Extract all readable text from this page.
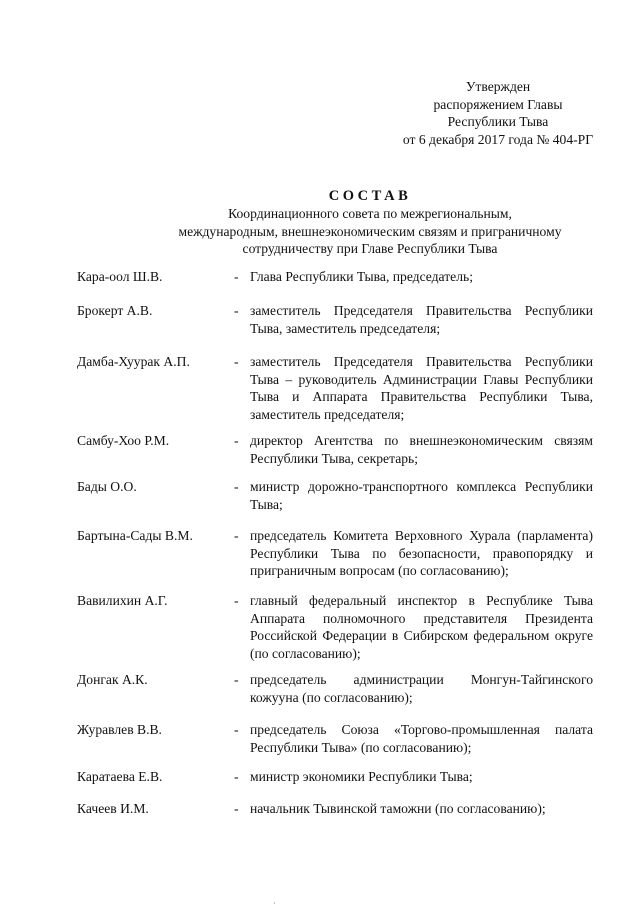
Утвержден
распоряжением Главы
Республики Тыва
от 6 декабря 2017 года № 404-РГ
СОСТАВ
Координационного совета по межрегиональным,
международным, внешнеэкономическим связям и приграничному
сотрудничеству при Главе Республики Тыва
Кара-оол Ш.В.	- Глава Республики Тыва, председатель;
Брокерт А.В.	- заместитель Председателя Правительства Республики Тыва, заместитель председателя;
Дамба-Хуурак А.П.	- заместитель Председателя Правительства Республики Тыва – руководитель Администрации Главы Республики Тыва и Аппарата Правительства Республики Тыва, заместитель председателя;
Самбу-Хоо Р.М.	- директор Агентства по внешнеэкономическим связям Республики Тыва, секретарь;
Бады О.О.	- министр дорожно-транспортного комплекса Республики Тыва;
Бартына-Сады В.М.	- председатель Комитета Верховного Хурала (парламента) Республики Тыва по безопасности, правопорядку и приграничным вопросам (по согласованию);
Вавилихин А.Г.	- главный федеральный инспектор в Республике Тыва Аппарата полномочного представителя Президента Российской Федерации в Сибирском федеральном округе (по согласованию);
Донгак А.К.	- председатель администрации Монгун-Тайгинского кожууна (по согласованию);
Журавлев В.В.	- председатель Союза «Торгово-промышленная палата Республики Тыва» (по согласованию);
Каратаева Е.В.	- министр экономики Республики Тыва;
Качеев И.М.	- начальник Тывинской таможни (по согласованию);
·
